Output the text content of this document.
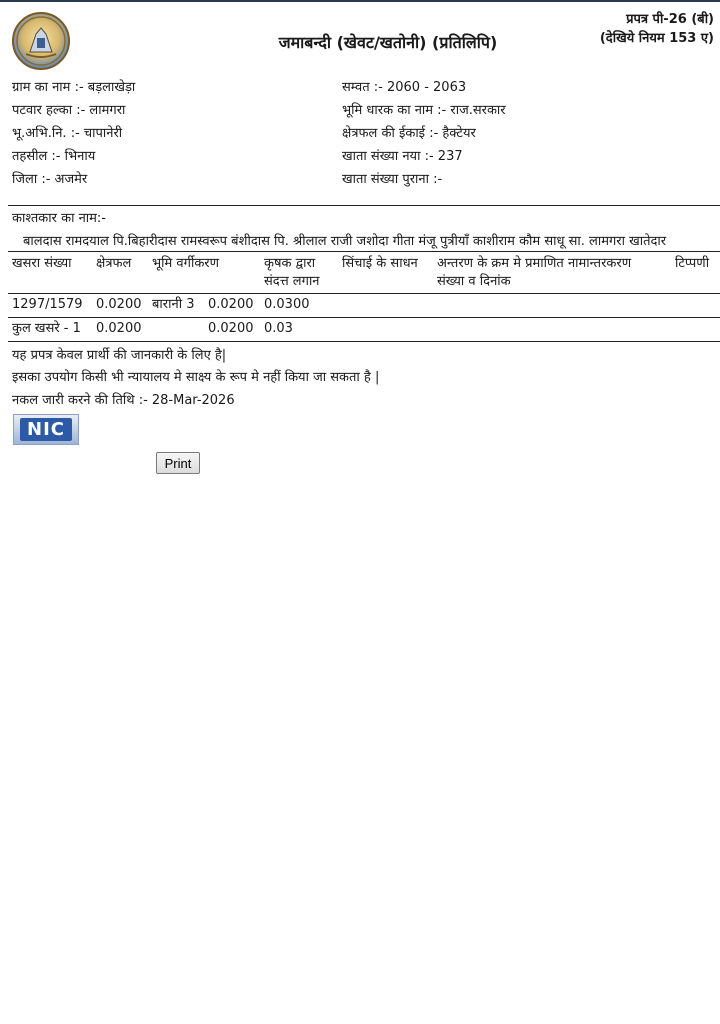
जमाबन्दी (खेवट/खतोनी) (प्रतिलिपि)
प्रपत्र पी-26 (बी)
(देखिये नियम 153 ए)
ग्राम का नाम :- बड़लाखेड़ा
पटवार हल्का :- लामगरा
भू.अभि.नि. :- चापानेरी
तहसील :- भिनाय
जिला :- अजमेर
सम्वत :- 2060 - 2063
भूमि धारक का नाम :- राज.सरकार
क्षेत्रफल की ईकाई :- हैक्टेयर
खाता संख्या नया :- 237
खाता संख्या पुराना :-
काश्तकार का नाम:-
बालदास रामदयाल पि.बिहारीदास रामस्वरूप बंशीदास पि. श्रीलाल राजी जशोदा गीता मंजू पुत्रीयाँ काशीराम कौम साधू सा. लामगरा खातेदार
खसरा संख्या क्षेत्रफल भूमि वर्गीकरण	कृषक द्वारा
संदत्त लगान
सिंचाई के साधन अन्तरण के क्रम मे प्रमाणित नामान्तरकरण
संख्या व दिनांक
टिप्पणी
1297/1579 0.0200 बारानी 3 0.0200 0.0300
कुल खसरे - 1 0.0200	0.0200 0.03
यह प्रपत्र केवल प्रार्थी की जानकारी के लिए है|
इसका उपयोग किसी भी न्यायालय मे साक्ष्य के रूप मे नहीं किया जा सकता है |
नकल जारी करने की तिथि :- 28-Mar-2026
NIC
Print
